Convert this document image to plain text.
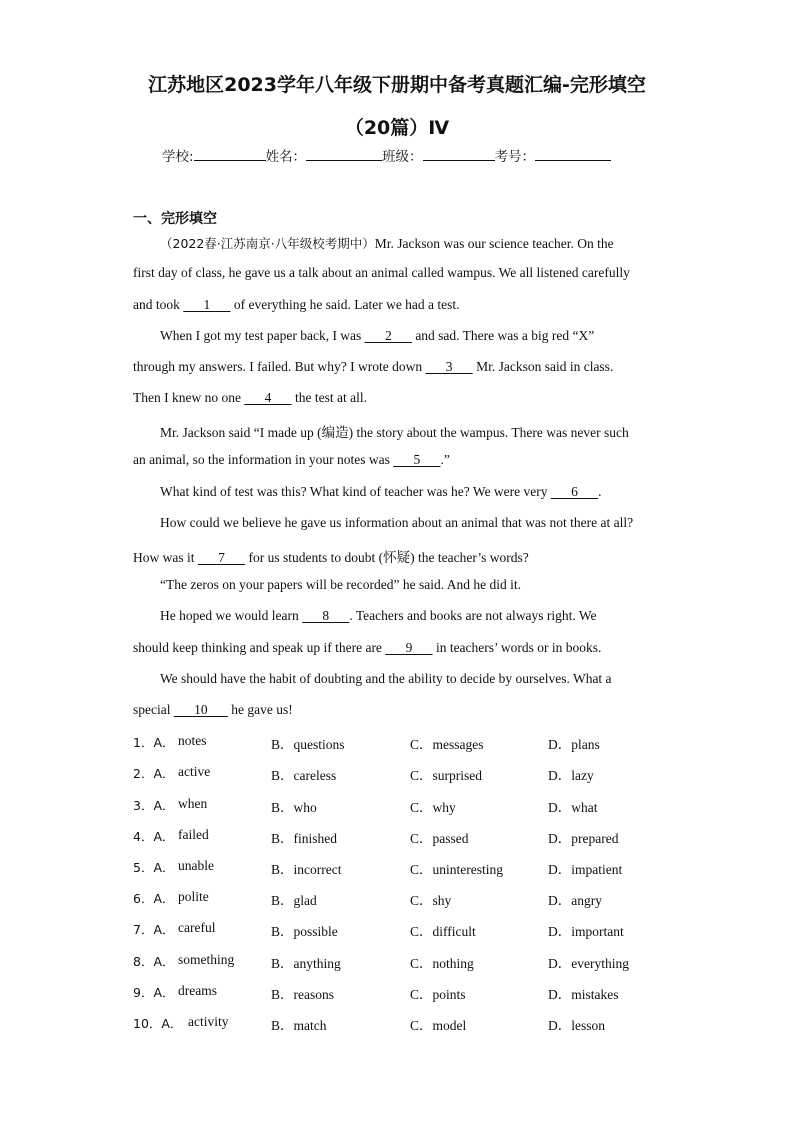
江苏地区2023学年八年级下册期中备考真题汇编-完形填空
（20篇）Ⅳ
学校:	姓名：	班级：	考号：
一、完形填空
（2022春·江苏南京·八年级校考期中）Mr. Jackson was our science teacher. On the
first day of class, he gave us a talk about an animal called wampus. We all listened carefully
and took       1       of everything he said. Later we had a test.
When I got my test paper back, I was       2       and sad. There was a big red “X”
through my answers. I failed. But why? I wrote down       3       Mr. Jackson said in class.
Then I knew no one       4       the test at all.
Mr. Jackson said “I made up (编造) the story about the wampus. There was never such
an animal, so the information in your notes was       5      .”
What kind of test was this? What kind of teacher was he? We were very       6      .
How could we believe he gave us information about an animal that was not there at all?
How was it       7       for us students to doubt (怀疑) the teacher’s words?
“The zeros on your papers will be recorded” he said. And he did it.
He hoped we would learn       8      . Teachers and books are not always right. We
should keep thinking and speak up if there are       9       in teachers’ words or in books.
We should have the habit of doubting and the ability to decide by ourselves. What a
special       10       he gave us!
1．A． notes	B．questions	C．messages	D．plans
2．A． active	B．careless	C．surprised	D．lazy
3．A． when	B．who	C．why	D．what
4．A． failed	B．finished	C．passed	D．prepared
5．A． unable	B．incorrect	C．uninteresting	D．impatient
6．A． polite	B．glad	C．shy	D．angry
7．A． careful	B．possible	C．difficult	D．important
8．A． something	B．anything	C．nothing	D．everything
9．A． dreams	B．reasons	C．points	D．mistakes
10．A． activity	B．match	C．model	D．lesson
